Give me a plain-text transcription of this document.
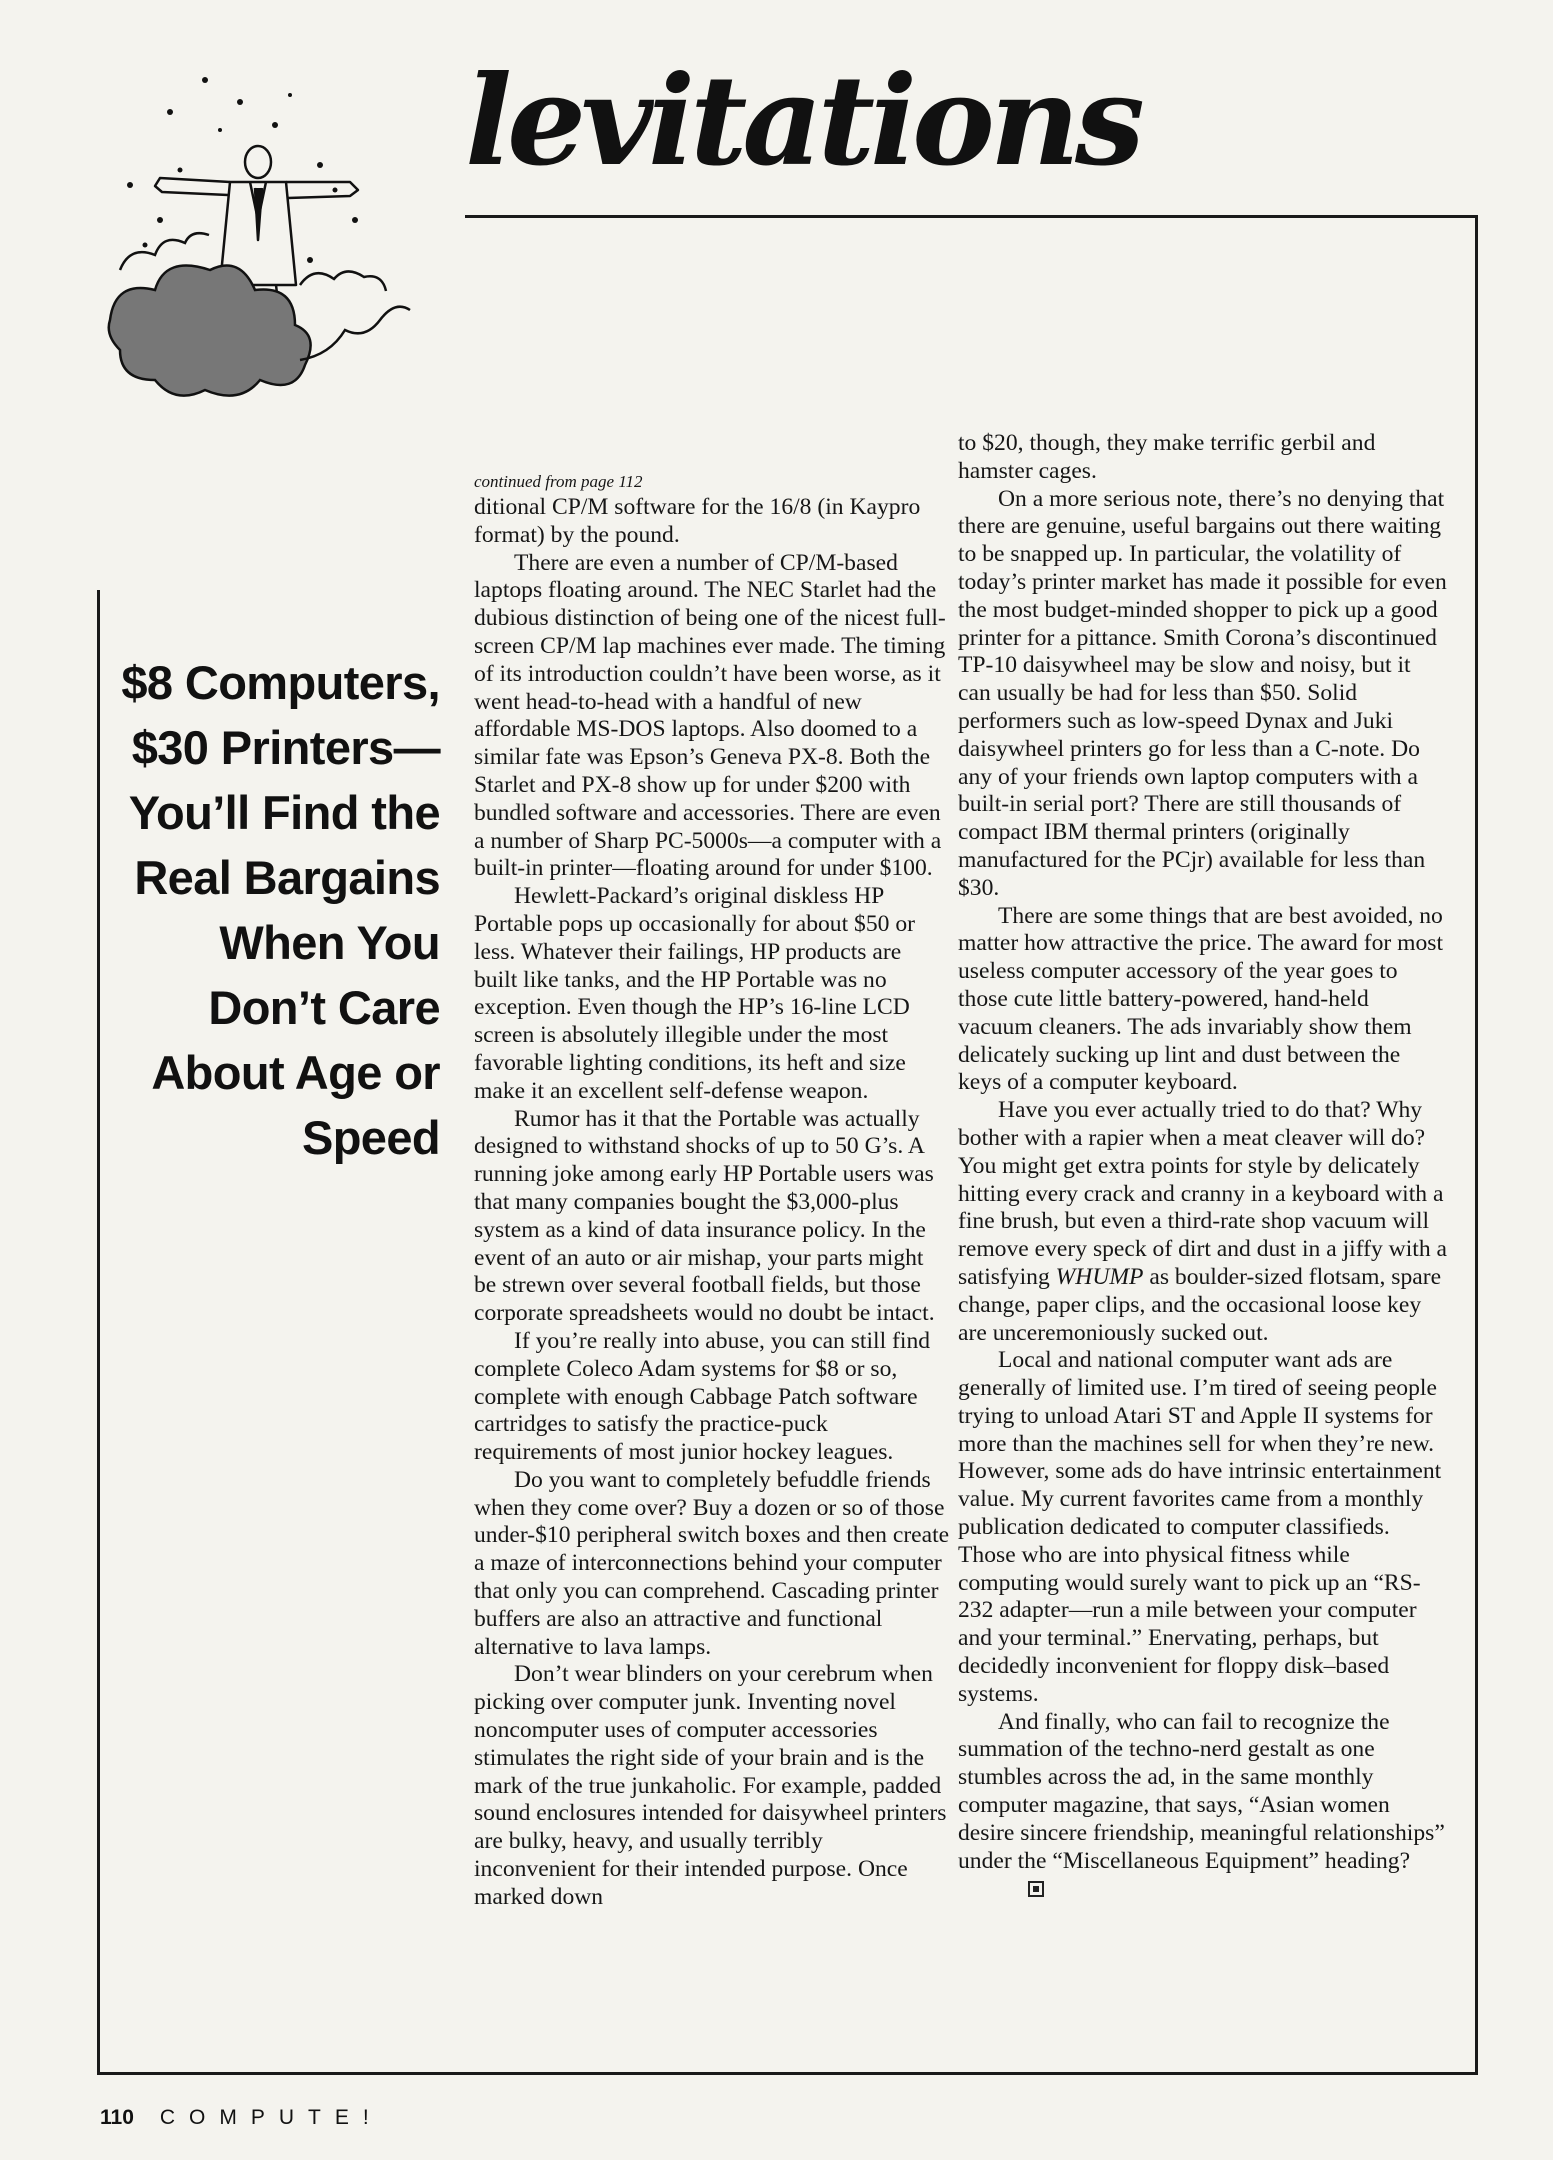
levitations
$8 Computers, $30 Printers— You’ll Find the Real Bargains When You Don’t Care About Age or Speed
continued from page 112

ditional CP/M software for the 16/8 (in Kaypro format) by the pound.

There are even a number of CP/M-based laptops floating around. The NEC Starlet had the dubious distinction of being one of the nicest full-screen CP/M lap machines ever made. The timing of its introduction couldn’t have been worse, as it went head-to-head with a handful of new affordable MS-DOS laptops. Also doomed to a similar fate was Epson’s Geneva PX-8. Both the Starlet and PX-8 show up for under $200 with bundled software and accessories. There are even a number of Sharp PC-5000s—a computer with a built-in printer—floating around for under $100.

Hewlett-Packard’s original diskless HP Portable pops up occasionally for about $50 or less. Whatever their failings, HP products are built like tanks, and the HP Portable was no exception. Even though the HP’s 16-line LCD screen is absolutely illegible under the most favorable lighting conditions, its heft and size make it an excellent self-defense weapon.

Rumor has it that the Portable was actually designed to withstand shocks of up to 50 G’s. A running joke among early HP Portable users was that many companies bought the $3,000-plus system as a kind of data insurance policy. In the event of an auto or air mishap, your parts might be strewn over several football fields, but those corporate spreadsheets would no doubt be intact.

If you’re really into abuse, you can still find complete Coleco Adam systems for $8 or so, complete with enough Cabbage Patch software cartridges to satisfy the practice-puck requirements of most junior hockey leagues.

Do you want to completely befuddle friends when they come over? Buy a dozen or so of those under-$10 peripheral switch boxes and then create a maze of interconnections behind your computer that only you can comprehend. Cascading printer buffers are also an attractive and functional alternative to lava lamps.

Don’t wear blinders on your cerebrum when picking over computer junk. Inventing novel noncomputer uses of computer accessories stimulates the right side of your brain and is the mark of the true junkaholic. For example, padded sound enclosures intended for daisywheel printers are bulky, heavy, and usually terribly inconvenient for their intended purpose. Once marked down

to $20, though, they make terrific gerbil and hamster cages.

On a more serious note, there’s no denying that there are genuine, useful bargains out there waiting to be snapped up. In particular, the volatility of today’s printer market has made it possible for even the most budget-minded shopper to pick up a good printer for a pittance. Smith Corona’s discontinued TP-10 daisywheel may be slow and noisy, but it can usually be had for less than $50. Solid performers such as low-speed Dynax and Juki daisywheel printers go for less than a C-note. Do any of your friends own laptop computers with a built-in serial port? There are still thousands of compact IBM thermal printers (originally manufactured for the PCjr) available for less than $30.

There are some things that are best avoided, no matter how attractive the price. The award for most useless computer accessory of the year goes to those cute little battery-powered, hand-held vacuum cleaners. The ads invariably show them delicately sucking up lint and dust between the keys of a computer keyboard.

Have you ever actually tried to do that? Why bother with a rapier when a meat cleaver will do? You might get extra points for style by delicately hitting every crack and cranny in a keyboard with a fine brush, but even a third-rate shop vacuum will remove every speck of dirt and dust in a jiffy with a satisfying WHUMP as boulder-sized flotsam, spare change, paper clips, and the occasional loose key are unceremoniously sucked out.

Local and national computer want ads are generally of limited use. I’m tired of seeing people trying to unload Atari ST and Apple II systems for more than the machines sell for when they’re new. However, some ads do have intrinsic entertainment value. My current favorites came from a monthly publication dedicated to computer classifieds. Those who are into physical fitness while computing would surely want to pick up an “RS-232 adapter—run a mile between your computer and your terminal.” Enervating, perhaps, but decidedly inconvenient for floppy disk–based systems.

And finally, who can fail to recognize the summation of the techno-nerd gestalt as one stumbles across the ad, in the same monthly computer magazine, that says, “Asian women desire sincere friendship, meaningful relationships” under the “Miscellaneous Equipment” heading?

110 COMPUTE!
